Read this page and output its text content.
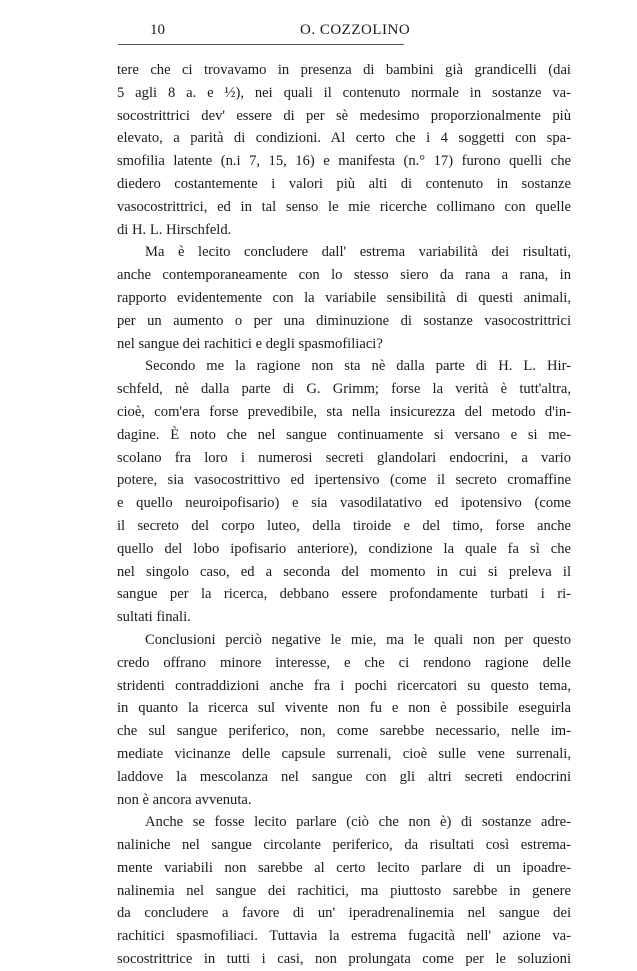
10	O. COZZOLINO
tere che ci trovavamo in presenza di bambini già grandicelli (dai
5 agli 8 a. e ½), nei quali il contenuto normale in sostanze va-
socostrittrici dev' essere di per sè medesimo proporzionalmente più
elevato, a parità di condizioni. Al certo che i 4 soggetti con spa-
smofilia latente (n.i 7, 15, 16) e manifesta (n.° 17) furono quelli che
diedero costantemente i valori più alti di contenuto in sostanze
vasocostrittrici, ed in tal senso le mie ricerche collimano con quelle
di H. L. Hirschfeld.
Ma è lecito concludere dall' estrema variabilità dei risultati,
anche contemporaneamente con lo stesso siero da rana a rana, in
rapporto evidentemente con la variabile sensibilità di questi animali,
per un aumento o per una diminuzione di sostanze vasocostrittrici
nel sangue dei rachitici e degli spasmofiliaci?
Secondo me la ragione non sta nè dalla parte di H. L. Hir-
schfeld, nè dalla parte di G. Grimm; forse la verità è tutt'altra,
cioè, com'era forse prevedibile, sta nella insicurezza del metodo d'in-
dagine. È noto che nel sangue continuamente si versano e si me-
scolano fra loro i numerosi secreti glandolari endocrini, a vario
potere, sia vasocostrittivo ed ipertensivo (come il secreto cromaffine
e quello neuroipofisario) e sia vasodilatativo ed ipotensivo (come
il secreto del corpo luteo, della tiroide e del timo, forse anche
quello del lobo ipofisario anteriore), condizione la quale fa sì che
nel singolo caso, ed a seconda del momento in cui si preleva il
sangue per la ricerca, debbano essere profondamente turbati i ri-
sultati finali.
Conclusioni perciò negative le mie, ma le quali non per questo
credo offrano minore interesse, e che ci rendono ragione delle
stridenti contraddizioni anche fra i pochi ricercatori su questo tema,
in quanto la ricerca sul vivente non fu e non è possibile eseguirla
che sul sangue periferico, non, come sarebbe necessario, nelle im-
mediate vicinanze delle capsule surrenali, cioè sulle vene surrenali,
laddove la mescolanza nel sangue con gli altri secreti endocrini
non è ancora avvenuta.
Anche se fosse lecito parlare (ciò che non è) di sostanze adre-
naliniche nel sangue circolante periferico, da risultati così estrema-
mente variabili non sarebbe al certo lecito parlare di un ipoadre-
nalinemia nel sangue dei rachitici, ma piuttosto sarebbe in genere
da concludere a favore di un' iperadrenalinemia nel sangue dei
rachitici spasmofiliaci. Tuttavia la estrema fugacità nell' azione va-
socostrittrice in tutti i casi, non prolungata come per le soluzioni
